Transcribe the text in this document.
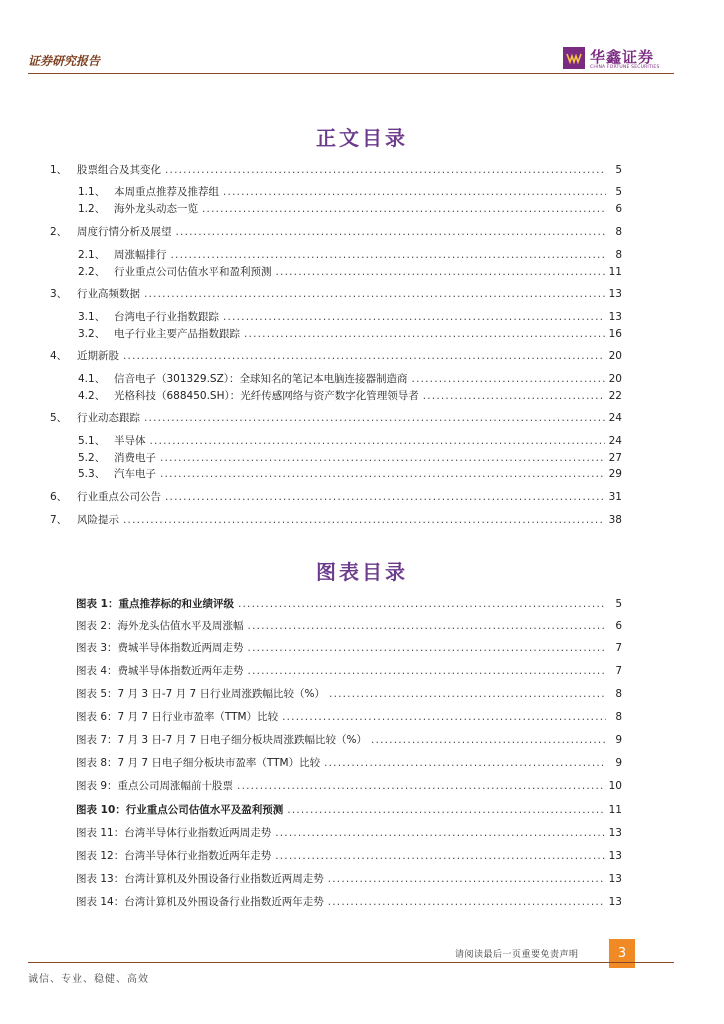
证券研究报告	华鑫证券
CHINA FORTUNE SECURITIES
正文目录
1、 股票组合及其变化 .....	5
1.1、 本周重点推荐及推荐组 .....	5
1.2、 海外龙头动态一览 .....	6
2、 周度行情分析及展望 .....	8
2.1、 周涨幅排行 .....	8
2.2、 行业重点公司估值水平和盈利预测 .....	11
3、 行业高频数据 .....	13
3.1、 台湾电子行业指数跟踪 .....	13
3.2、 电子行业主要产品指数跟踪 .....	16
4、 近期新股 .....	20
4.1、 信音电子（301329.SZ）：全球知名的笔记本电脑连接器制造商 .....	20
4.2、 光格科技（688450.SH）：光纤传感网络与资产数字化管理领导者 .....	22
5、 行业动态跟踪 .....	24
5.1、 半导体 .....	24
5.2、 消费电子 .....	27
5.3、 汽车电子 .....	29
6、 行业重点公司公告 .....	31
7、 风险提示 .....	38
图表目录
图表 1：重点推荐标的和业绩评级 .....	5
图表 2：海外龙头估值水平及周涨幅 .....	6
图表 3：费城半导体指数近两周走势 .....	7
图表 4：费城半导体指数近两年走势 .....	7
图表 5：7 月 3 日-7 月 7 日行业周涨跌幅比较（%） .....	8
图表 6：7 月 7 日行业市盈率（TTM）比较 .....	8
图表 7：7 月 3 日-7 月 7 日电子细分板块周涨跌幅比较（%） .....	9
图表 8：7 月 7 日电子细分板块市盈率（TTM）比较 .....	9
图表 9：重点公司周涨幅前十股票 .....	10
图表 10：行业重点公司估值水平及盈利预测 .....	11
图表 11：台湾半导体行业指数近两周走势 .....	13
图表 12：台湾半导体行业指数近两年走势 .....	13
图表 13：台湾计算机及外围设备行业指数近两周走势 .....	13
图表 14：台湾计算机及外围设备行业指数近两年走势 .....	13
请阅读最后一页重要免责声明	3
诚信、专业、稳健、高效
